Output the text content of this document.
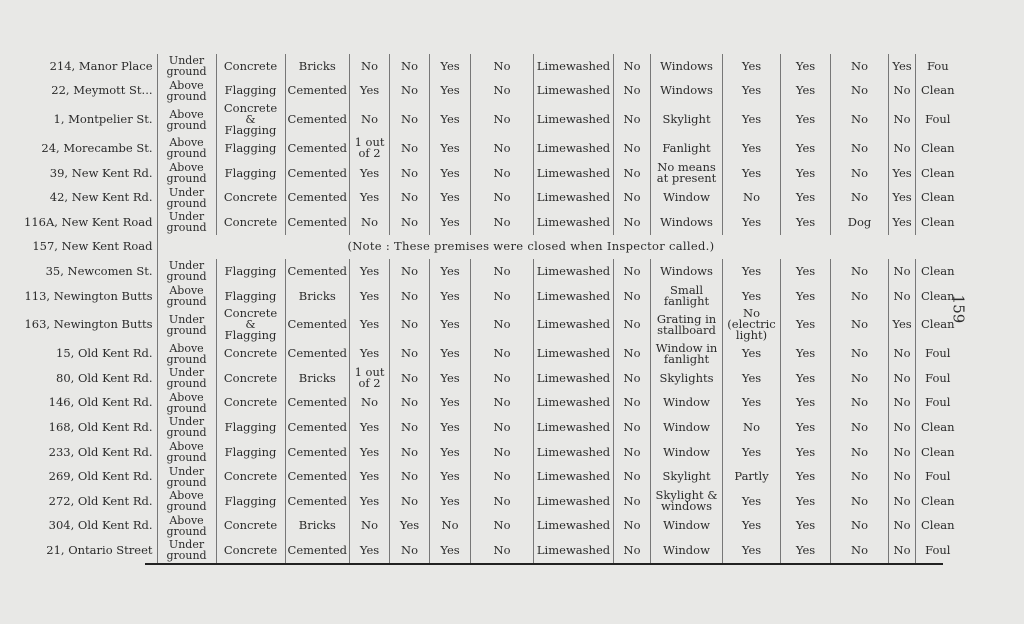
214, Manor Place	Under ground	Concrete	Bricks	No	No	Yes	No	Limewashed	No	Windows	Yes	Yes	No	Yes	Fou
22, Meymott St...	Above ground	Flagging	Cemented	Yes	No	Yes	No	Limewashed	No	Windows	Yes	Yes	No	No	Clean
1, Montpelier St.	Above ground	Concrete & Flagging	Cemented	No	No	Yes	No	Limewashed	No	Skylight	Yes	Yes	No	No	Foul
24, Morecambe St.	Above ground	Flagging	Cemented	1 out of 2	No	Yes	No	Limewashed	No	Fanlight	Yes	Yes	No	No	Clean
39, New Kent Rd.	Above ground	Flagging	Cemented	Yes	No	Yes	No	Limewashed	No	No means at present	Yes	Yes	No	Yes	Clean
42, New Kent Rd.	Under ground	Concrete	Cemented	Yes	No	Yes	No	Limewashed	No	Window	No	Yes	No	Yes	Clean
116A, New Kent Road	Under ground	Concrete	Cemented	No	No	Yes	No	Limewashed	No	Windows	Yes	Yes	Dog	Yes	Clean
157, New Kent Road	(Note : These premises were closed when Inspector called.)														
35, Newcomen St.	Under ground	Flagging	Cemented	Yes	No	Yes	No	Limewashed	No	Windows	Yes	Yes	No	No	Clean
113, Newington Butts	Above ground	Flagging	Bricks	Yes	No	Yes	No	Limewashed	No	Small fanlight	Yes	Yes	No	No	Clean
163, Newington Butts	Under ground	Concrete & Flagging	Cemented	Yes	No	Yes	No	Limewashed	No	Grating in stallboard	No (electric light)	Yes	No	Yes	Clean
15, Old Kent Rd.	Above ground	Concrete	Cemented	Yes	No	Yes	No	Limewashed	No	Window in fanlight	Yes	Yes	No	No	Foul
80, Old Kent Rd.	Under ground	Concrete	Bricks	1 out of 2	No	Yes	No	Limewashed	No	Skylights	Yes	Yes	No	No	Foul
146, Old Kent Rd.	Above ground	Concrete	Cemented	No	No	Yes	No	Limewashed	No	Window	Yes	Yes	No	No	Foul
168, Old Kent Rd.	Under ground	Flagging	Cemented	Yes	No	Yes	No	Limewashed	No	Window	No	Yes	No	No	Clean
233, Old Kent Rd.	Above ground	Flagging	Cemented	Yes	No	Yes	No	Limewashed	No	Window	Yes	Yes	No	No	Clean
269, Old Kent Rd.	Under ground	Concrete	Cemented	Yes	No	Yes	No	Limewashed	No	Skylight	Partly	Yes	No	No	Foul
272, Old Kent Rd.	Above ground	Flagging	Cemented	Yes	No	Yes	No	Limewashed	No	Skylight & windows	Yes	Yes	No	No	Clean
304, Old Kent Rd.	Above ground	Concrete	Bricks	No	Yes	No	No	Limewashed	No	Window	Yes	Yes	No	No	Clean
21, Ontario Street	Under ground	Concrete	Cemented	Yes	No	Yes	No	Limewashed	No	Window	Yes	Yes	No	No	Foul
159
